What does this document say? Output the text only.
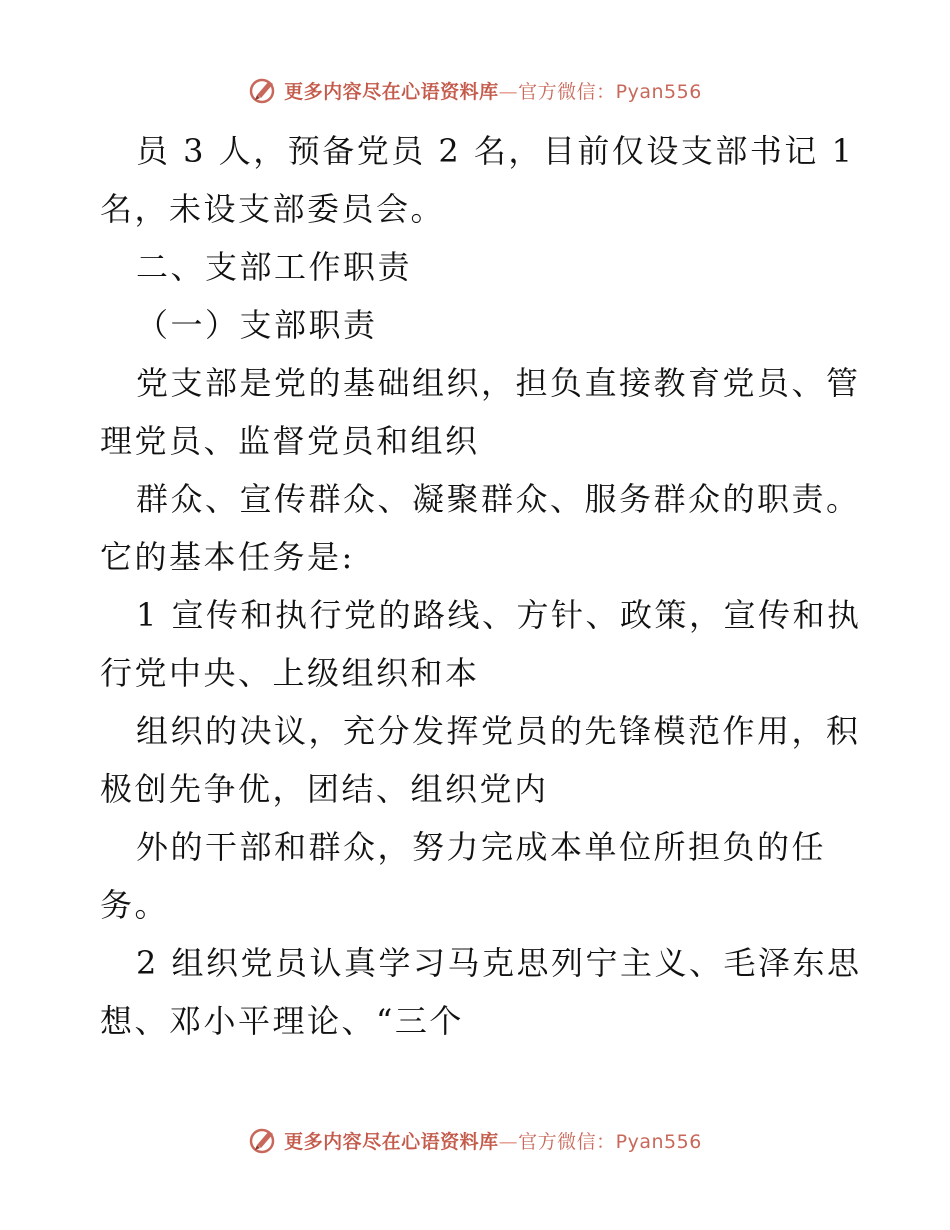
更多内容尽在心语资料库—官方微信：Pyan556
员 3 人，预备党员 2 名，目前仅设支部书记 1
名，未设支部委员会。
二、支部工作职责
（一）支部职责
党支部是党的基础组织，担负直接教育党员、管
理党员、监督党员和组织
群众、宣传群众、凝聚群众、服务群众的职责。
它的基本任务是:
1 宣传和执行党的路线、方针、政策，宣传和执
行党中央、上级组织和本
组织的决议，充分发挥党员的先锋模范作用，积
极创先争优，团结、组织党内
外的干部和群众，努力完成本单位所担负的任
务。
2 组织党员认真学习马克思列宁主义、毛泽东思
想、邓小平理论、“三个
更多内容尽在心语资料库—官方微信：Pyan556
